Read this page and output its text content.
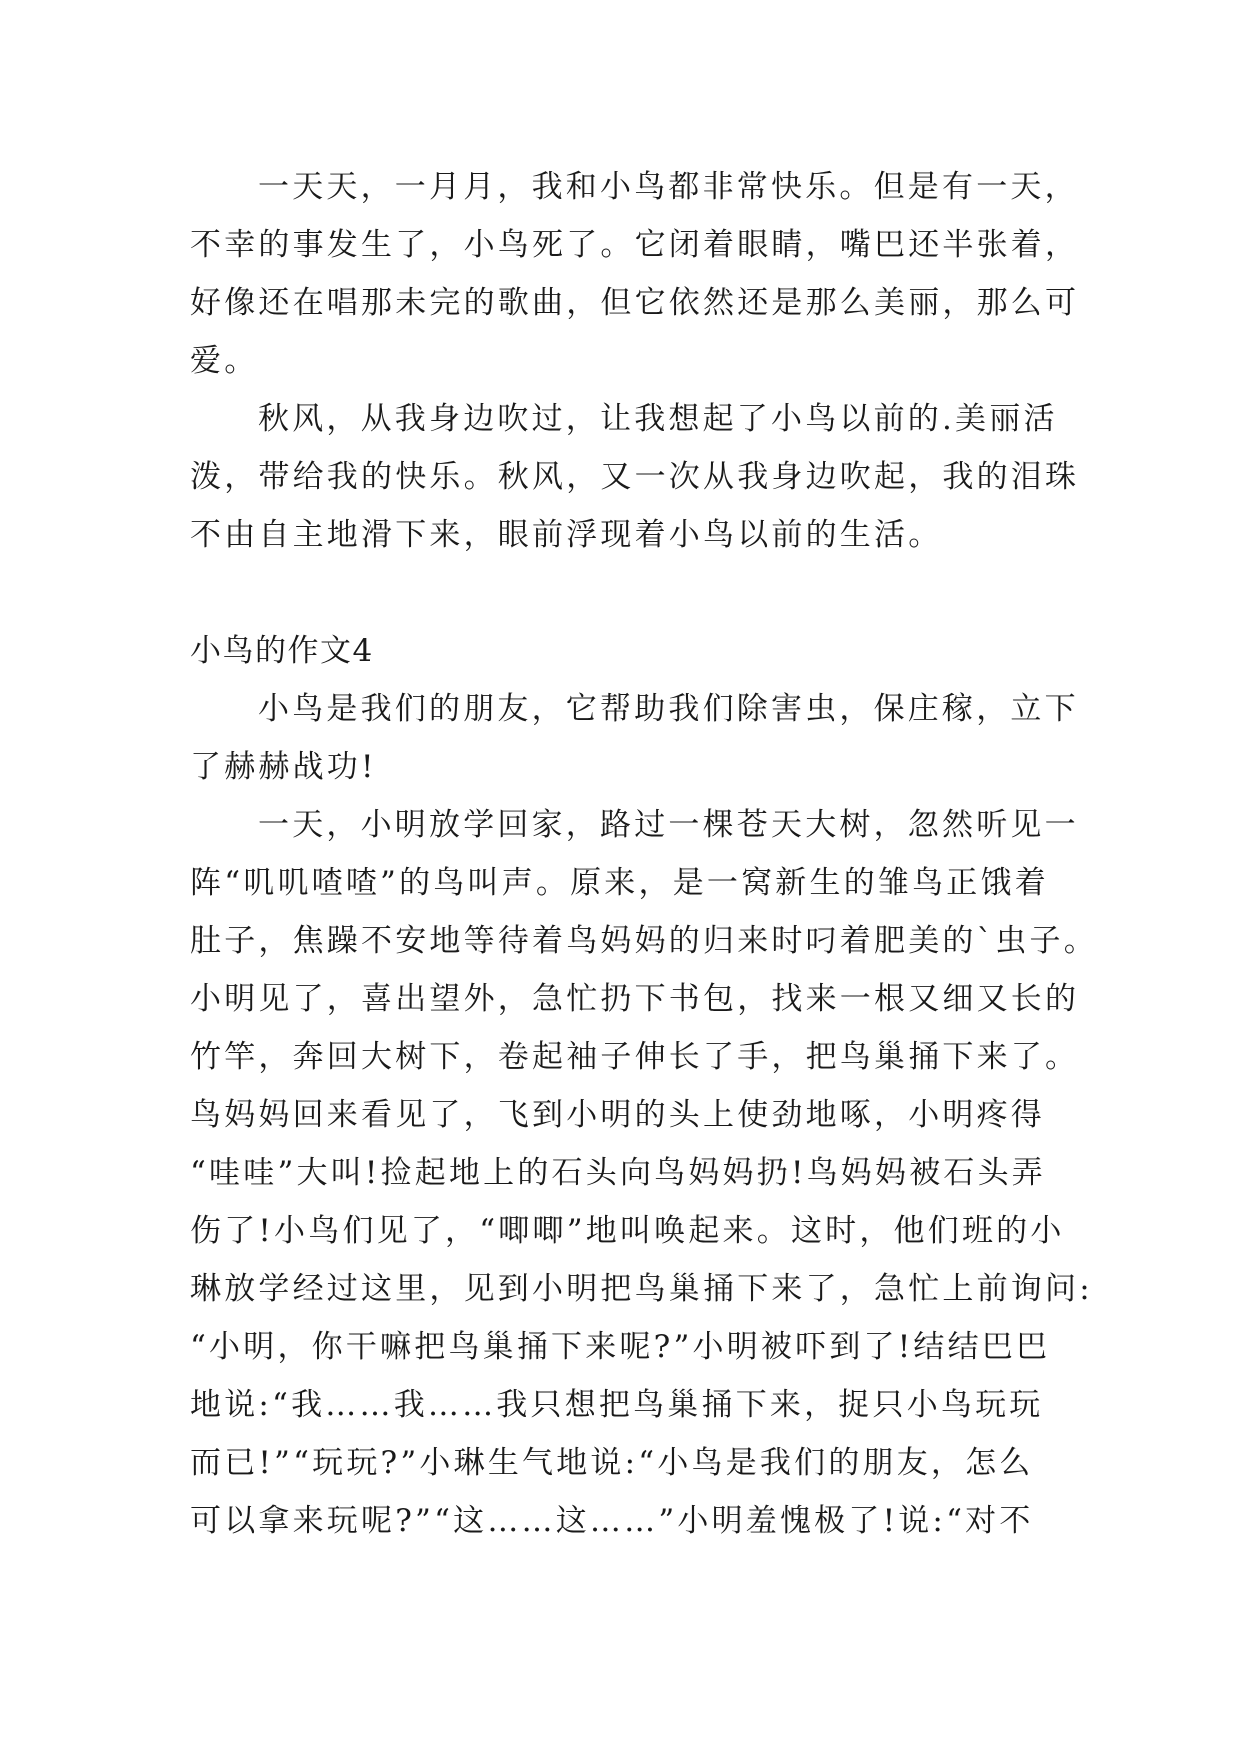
一天天，一月月，我和小鸟都非常快乐。但是有一天，
不幸的事发生了，小鸟死了。它闭着眼睛，嘴巴还半张着，
好像还在唱那未完的歌曲，但它依然还是那么美丽，那么可
爱。
秋风，从我身边吹过，让我想起了小鸟以前的.美丽活
泼，带给我的快乐。秋风，又一次从我身边吹起，我的泪珠
不由自主地滑下来，眼前浮现着小鸟以前的生活。
小鸟的作文4
小鸟是我们的朋友，它帮助我们除害虫，保庄稼，立下
了赫赫战功!
一天，小明放学回家，路过一棵苍天大树，忽然听见一
阵“叽叽喳喳”的鸟叫声。原来，是一窝新生的雏鸟正饿着
肚子，焦躁不安地等待着鸟妈妈的归来时叼着肥美的`虫子。
小明见了，喜出望外，急忙扔下书包，找来一根又细又长的
竹竿，奔回大树下，卷起袖子伸长了手，把鸟巢捅下来了。
鸟妈妈回来看见了，飞到小明的头上使劲地啄，小明疼得
“哇哇”大叫!捡起地上的石头向鸟妈妈扔!鸟妈妈被石头弄
伤了!小鸟们见了，“唧唧”地叫唤起来。这时，他们班的小
琳放学经过这里，见到小明把鸟巢捅下来了，急忙上前询问:
“小明，你干嘛把鸟巢捅下来呢?”小明被吓到了!结结巴巴
地说:“我……我……我只想把鸟巢捅下来，捉只小鸟玩玩
而已!”“玩玩?”小琳生气地说:“小鸟是我们的朋友，怎么
可以拿来玩呢?”“这……这……”小明羞愧极了!说:“对不
